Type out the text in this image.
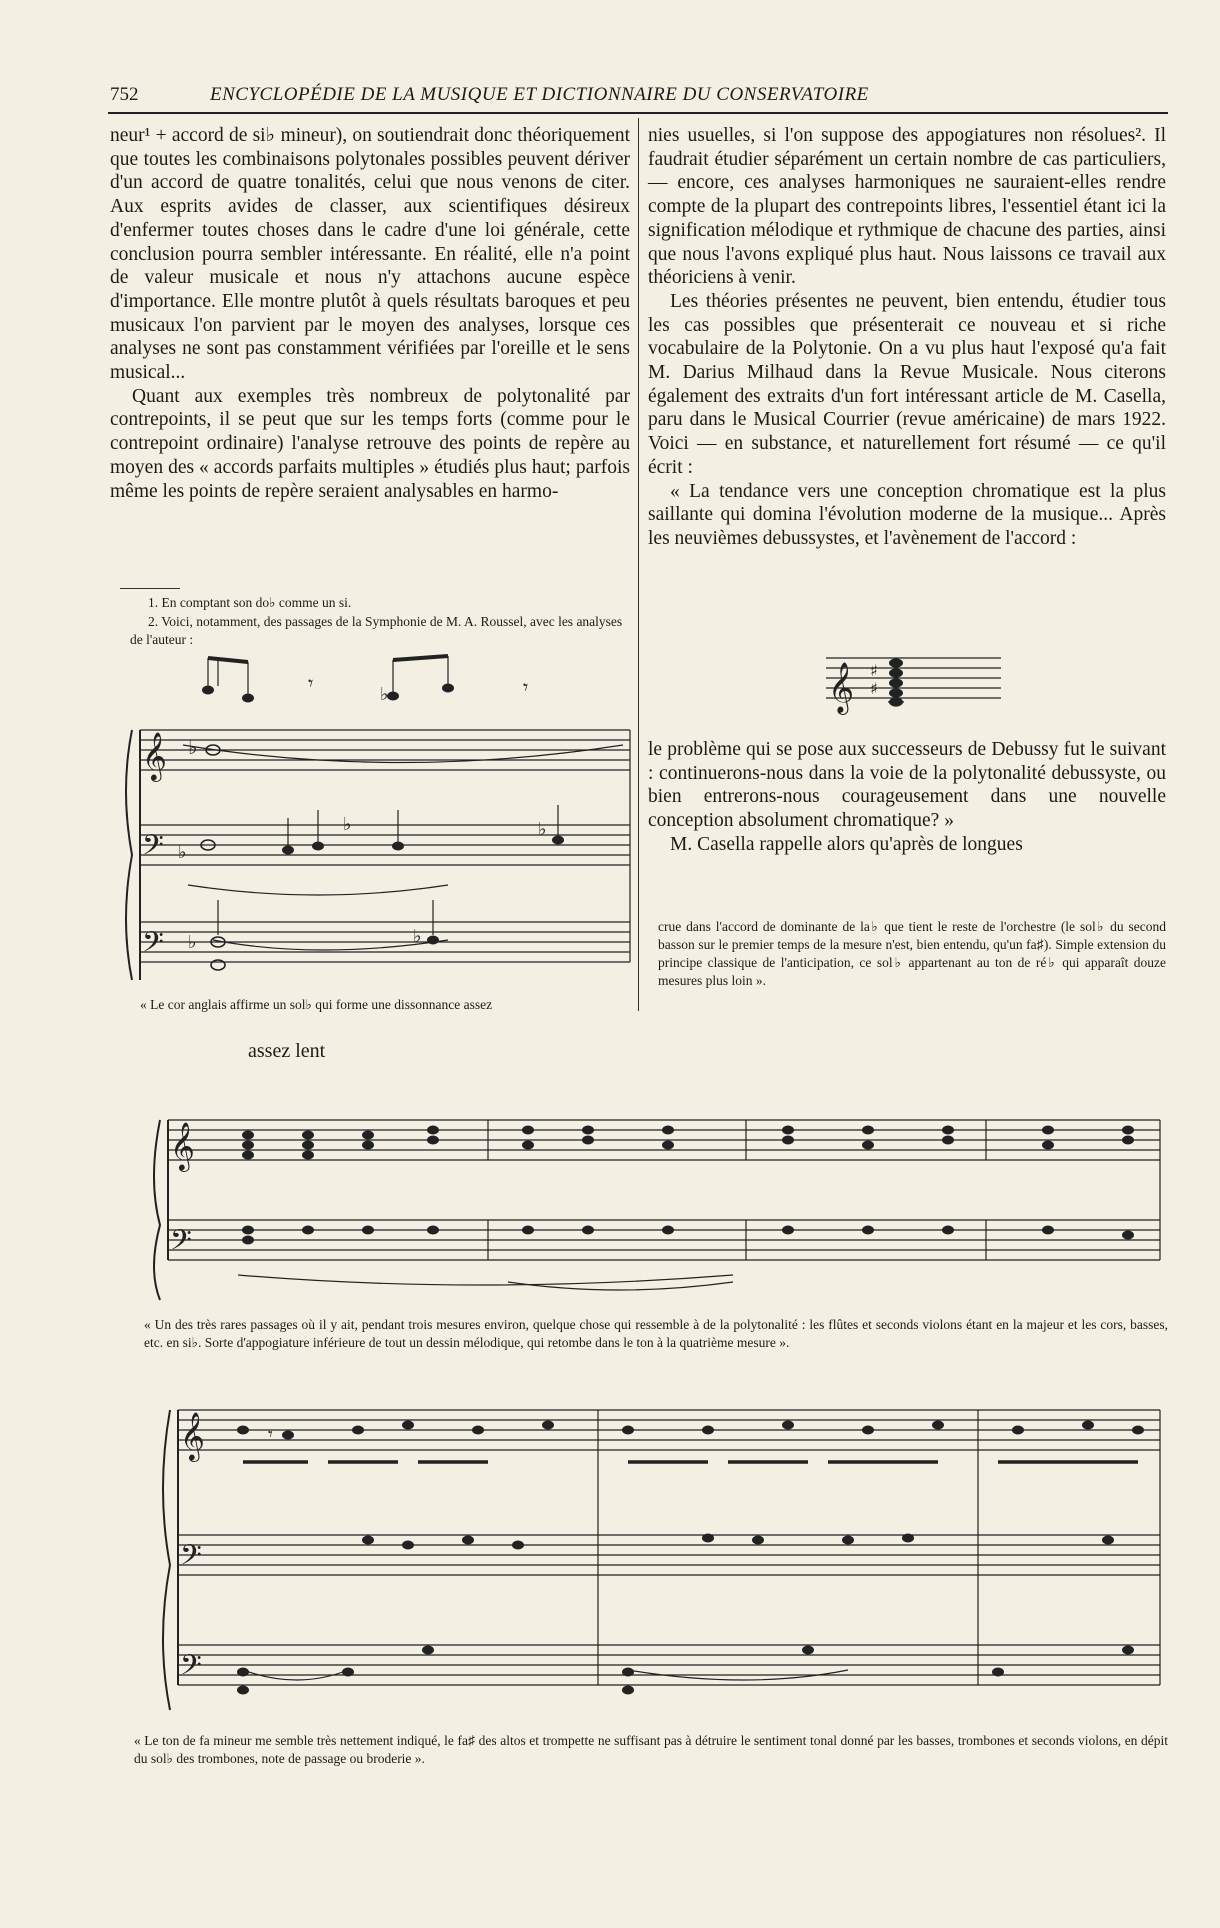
752	ENCYCLOPÉDIE DE LA MUSIQUE ET DICTIONNAIRE DU CONSERVATOIRE

neur¹ + accord de si♭ mineur), on soutiendrait donc théoriquement que toutes les combinaisons polytonales possibles peuvent dériver d'un accord de quatre tonalités, celui que nous venons de citer. Aux esprits avides de classer, aux scientifiques désireux d'enfermer toutes choses dans le cadre d'une loi générale, cette conclusion pourra sembler intéressante. En réalité, elle n'a point de valeur musicale et nous n'y attachons aucune espèce d'importance. Elle montre plutôt à quels résultats baroques et peu musicaux l'on parvient par le moyen des analyses, lorsque ces analyses ne sont pas constamment vérifiées par l'oreille et le sens musical...

Quant aux exemples très nombreux de polytonalité par contrepoints, il se peut que sur les temps forts (comme pour le contrepoint ordinaire) l'analyse retrouve des points de repère au moyen des « accords parfaits multiples » étudiés plus haut; parfois même les points de repère seraient analysables en harmo-

1. En comptant son do♭ comme un si.
2. Voici, notamment, des passages de la Symphonie de M. A. Roussel, avec les analyses de l'auteur :
𝄞
𝄢
𝄢
♭
𝄾	♭	𝄾
♭
♭	♭
♭	♭
« Le cor anglais affirme un sol♭ qui forme une dissonnance assez

nies usuelles, si l'on suppose des appogiatures non résolues². Il faudrait étudier séparément un certain nombre de cas particuliers, — encore, ces analyses harmoniques ne sauraient-elles rendre compte de la plupart des contrepoints libres, l'essentiel étant ici la signification mélodique et rythmique de chacune des parties, ainsi que nous l'avons expliqué plus haut. Nous laissons ce travail aux théoriciens à venir.

Les théories présentes ne peuvent, bien entendu, étudier tous les cas possibles que présenterait ce nouveau et si riche vocabulaire de la Polytonie. On a vu plus haut l'exposé qu'a fait M. Darius Milhaud dans la Revue Musicale. Nous citerons également des extraits d'un fort intéressant article de M. Casella, paru dans le Musical Courrier (revue américaine) de mars 1922. Voici — en substance, et naturellement fort résumé — ce qu'il écrit :

« La tendance vers une conception chromatique est la plus saillante qui domina l'évolution moderne de la musique... Après les neuvièmes debussystes, et l'avènement de l'accord :

𝄞 ♯
♯

le problème qui se pose aux successeurs de Debussy fut le suivant : continuerons-nous dans la voie de la polytonalité debussyste, ou bien entrerons-nous courageusement dans une nouvelle conception absolument chromatique? »

M. Casella rappelle alors qu'après de longues

crue dans l'accord de dominante de la♭ que tient le reste de l'orchestre (le sol♭ du second basson sur le premier temps de la mesure n'est, bien entendu, qu'un fa♯). Simple extension du principe classique de l'anticipation, ce sol♭ appartenant au ton de ré♭ qui apparaît douze mesures plus loin ».
assez lent
𝄞
𝄢
« Un des très rares passages où il y ait, pendant trois mesures environ, quelque chose qui ressemble à de la polytonalité : les flûtes et seconds violons étant en la majeur et les cors, basses, etc. en si♭. Sorte d'appogiature inférieure de tout un dessin mélodique, qui retombe dans le ton à la quatrième mesure ».
𝄞
𝄢
𝄢
𝄾
« Le ton de fa mineur me semble très nettement indiqué, le fa♯ des altos et trompette ne suffisant pas à détruire le sentiment tonal donné par les basses, trombones et seconds violons, en dépit du sol♭ des trombones, note de passage ou broderie ».
